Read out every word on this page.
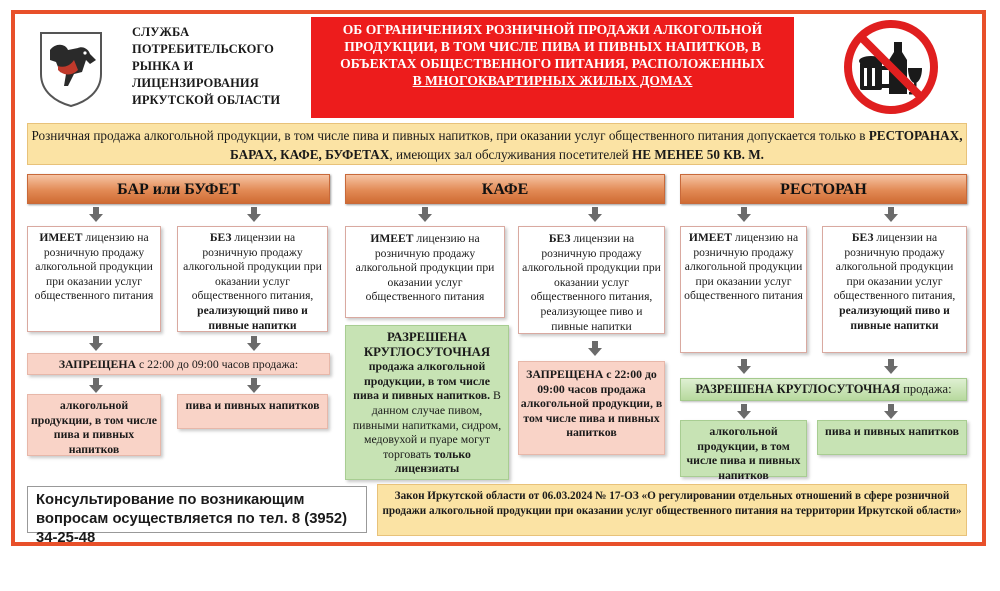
СЛУЖБА ПОТРЕБИТЕЛЬСКОГО РЫНКА И ЛИЦЕНЗИРОВАНИЯ ИРКУТСКОЙ ОБЛАСТИ
ОБ ОГРАНИЧЕНИЯХ РОЗНИЧНОЙ ПРОДАЖИ АЛКОГОЛЬНОЙ ПРОДУКЦИИ, В ТОМ ЧИСЛЕ ПИВА И ПИВНЫХ НАПИТКОВ, В ОБЪЕКТАХ ОБЩЕСТВЕННОГО ПИТАНИЯ, РАСПОЛОЖЕННЫХ
В МНОГОКВАРТИРНЫХ ЖИЛЫХ ДОМАХ
Розничная продажа алкогольной продукции, в том числе пива и пивных напитков, при оказании услуг общественного питания допускается только в РЕСТОРАНАХ, БАРАХ, КАФЕ, БУФЕТАХ, имеющих зал обслуживания посетителей НЕ МЕНЕЕ 50 КВ. М.
БАР или БУФЕТ
ИМЕЕТ лицензию на розничную продажу алкогольной продукции при оказании услуг общественного питания
БЕЗ лицензии на розничную продажу алкогольной продукции при оказании услуг общественного питания, реализующий пиво и пивные напитки
ЗАПРЕЩЕНА с 22:00 до 09:00 часов продажа:
алкогольной продукции, в том числе пива и пивных напитков
пива и пивных напитков
КАФЕ
ИМЕЕТ лицензию на розничную продажу алкогольной продукции при оказании услуг общественного питания
БЕЗ лицензии на розничную продажу алкогольной продукции при оказании услуг общественного питания, реализующее пиво и пивные напитки
РАЗРЕШЕНА КРУГЛОСУТОЧНАЯ
продажа алкогольной продукции, в том числе пива и пивных напитков. В данном случае пивом, пивными напитками, сидром, медовухой и пуаре могут торговать только лицензиаты
ЗАПРЕЩЕНА с 22:00 до 09:00 часов продажа алкогольной продукции, в том числе пива и пивных напитков
РЕСТОРАН
ИМЕЕТ лицензию на розничную продажу алкогольной продукции при оказании услуг общественного питания
БЕЗ лицензии на розничную продажу алкогольной продукции при оказании услуг общественного питания, реализующий пиво и пивные напитки
РАЗРЕШЕНА КРУГЛОСУТОЧНАЯ продажа:
алкогольной продукции, в том числе пива и пивных напитков
пива и пивных напитков
Консультирование по возникающим вопросам осуществляется по тел. 8 (3952) 34-25-48
Закон Иркутской области от 06.03.2024 № 17-ОЗ «О регулировании отдельных отношений в сфере розничной продажи алкогольной продукции при оказании услуг общественного питания на территории Иркутской области»
